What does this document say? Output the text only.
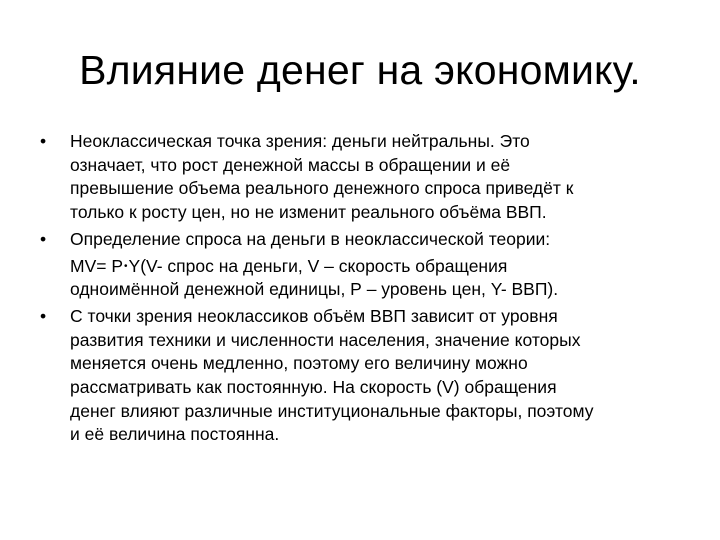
Влияние денег на экономику.
• Неоклассическая точка зрения: деньги нейтральны. Это
означает, что рост денежной массы в обращении и её
превышение объема реального денежного спроса приведёт к
только к росту цен, но не изменит реального объёма ВВП.
• Определение спроса на деньги в неоклассической теории:
MV= P•Y(V- спрос на деньги, V – скорость обращения
одноимённой денежной единицы, Р – уровень цен, Y- ВВП).
• С точки зрения неоклассиков объём ВВП зависит от уровня
развития техники и численности населения, значение которых
меняется очень медленно, поэтому его величину можно
рассматривать как постоянную. На скорость (V) обращения
денег влияют различные институциональные факторы, поэтому
и её величина постоянна.
